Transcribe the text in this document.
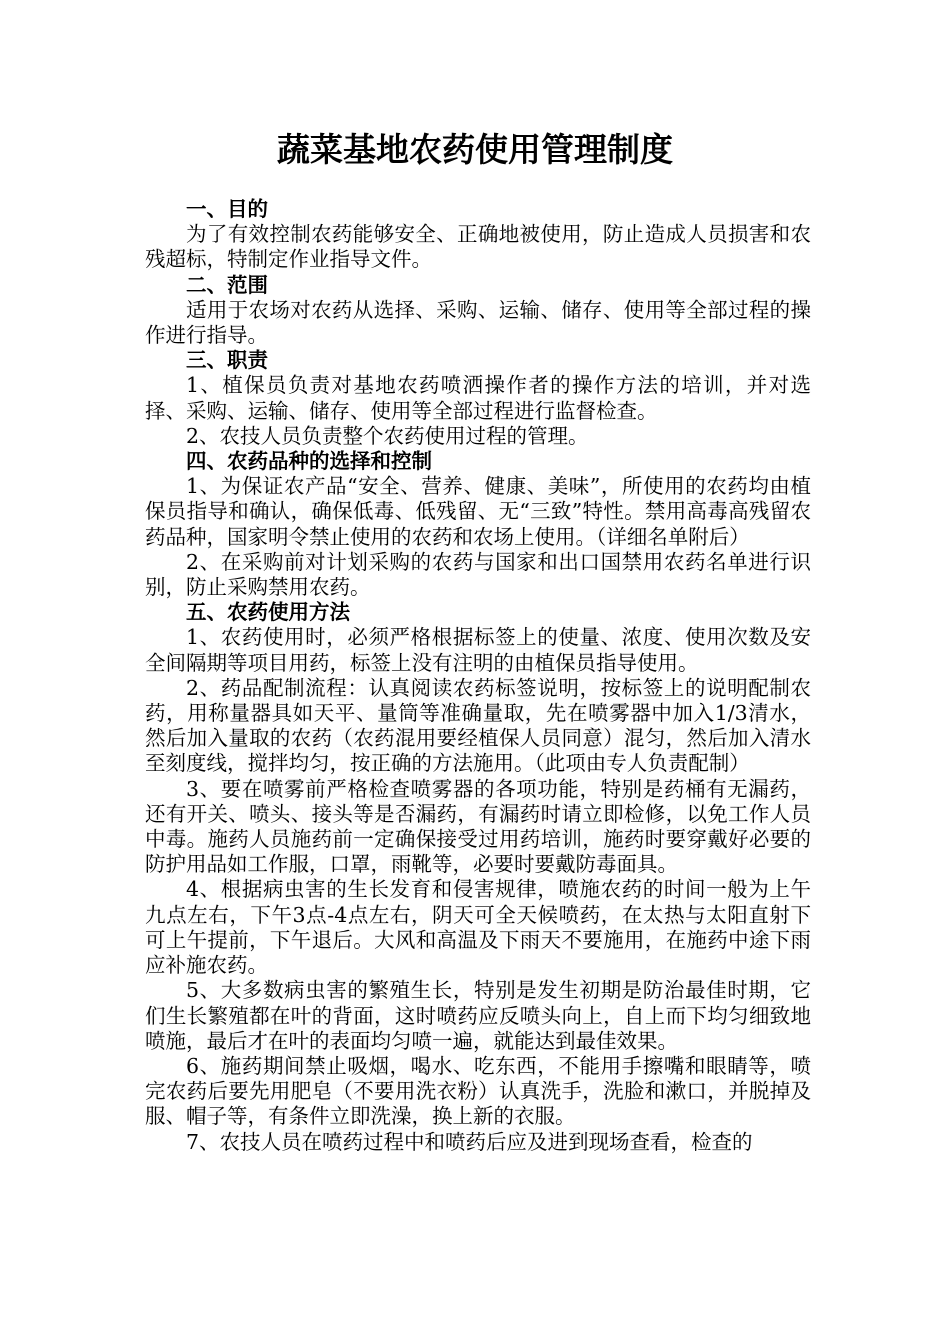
蔬菜基地农药使用管理制度
一、目的

为了有效控制农药能够安全、正确地被使用，防止造成人员损害和农残超标，特制定作业指导文件。

二、范围

适用于农场对农药从选择、采购、运输、储存、使用等全部过程的操作进行指导。

三、职责

1、植保员负责对基地农药喷洒操作者的操作方法的培训，并对选择、采购、运输、储存、使用等全部过程进行监督检查。

2、农技人员负责整个农药使用过程的管理。

四、农药品种的选择和控制

1、为保证农产品“安全、营养、健康、美味”，所使用的农药均由植保员指导和确认，确保低毒、低残留、无“三致”特性。禁用高毒高残留农药品种，国家明令禁止使用的农药和农场上使用。（详细名单附后）

2、在采购前对计划采购的农药与国家和出口国禁用农药名单进行识别，防止采购禁用农药。

五、农药使用方法

1、农药使用时，必须严格根据标签上的使量、浓度、使用次数及安全间隔期等项目用药，标签上没有注明的由植保员指导使用。

2、药品配制流程：认真阅读农药标签说明，按标签上的说明配制农药，用称量器具如天平、量筒等准确量取，先在喷雾器中加入1/3清水，然后加入量取的农药（农药混用要经植保人员同意）混匀，然后加入清水至刻度线，搅拌均匀，按正确的方法施用。（此项由专人负责配制）

3、要在喷雾前严格检查喷雾器的各项功能，特别是药桶有无漏药，还有开关、喷头、接头等是否漏药，有漏药时请立即检修，以免工作人员中毒。施药人员施药前一定确保接受过用药培训，施药时要穿戴好必要的防护用品如工作服，口罩，雨靴等，必要时要戴防毒面具。

4、根据病虫害的生长发育和侵害规律，喷施农药的时间一般为上午九点左右，下午3点-4点左右，阴天可全天候喷药，在太热与太阳直射下可上午提前，下午退后。大风和高温及下雨天不要施用，在施药中途下雨应补施农药。

5、大多数病虫害的繁殖生长，特别是发生初期是防治最佳时期，它们生长繁殖都在叶的背面，这时喷药应反喷头向上，自上而下均匀细致地喷施，最后才在叶的表面均匀喷一遍，就能达到最佳效果。

6、施药期间禁止吸烟，喝水、吃东西，不能用手擦嘴和眼睛等，喷完农药后要先用肥皂（不要用洗衣粉）认真洗手，洗脸和漱口，并脱掉及服、帽子等，有条件立即洗澡，换上新的衣服。

7、农技人员在喷药过程中和喷药后应及进到现场查看，检查的
